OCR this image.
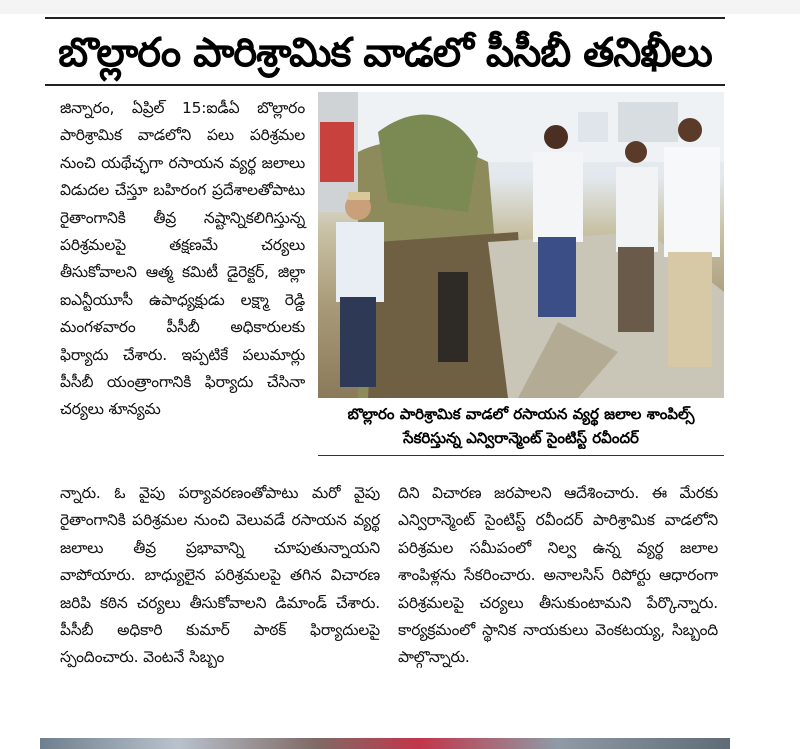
బొల్లారం పారిశ్రామిక వాడలో పీసీబీ తనిఖీలు
జిన్నారం, ఏప్రిల్ 15:ఐడీఏ బొల్లారం పారిశ్రామిక వాడలోని పలు పరిశ్రమల నుంచి యథేచ్ఛగా రసాయన వ్యర్థ జలాలు విడుదల చేస్తూ బహిరంగ ప్రదేశాలతోపాటు రైతాంగానికి తీవ్ర నష్టాన్నికలిగిస్తున్న పరిశ్రమలపై తక్షణమే చర్యలు తీసుకోవాలని ఆత్మ కమిటీ డైరెక్టర్, జిల్లా ఐఎన్టీయూసీ ఉపాధ్యక్షుడు లక్ష్మా రెడ్డి మంగళవారం పీసీబీ అధికారులకు ఫిర్యాదు చేశారు. ఇప్పటికే పలుమార్లు పీసీబీ యంత్రాంగానికి ఫిర్యాదు చేసినా చర్యలు శూన్యమ	బొల్లారం పారిశ్రామిక వాడలో రసాయన వ్యర్థ జలాల శాంపిల్స్ సేకరిస్తున్న ఎన్విరాన్మెంట్ సైంటిస్ట్ రవీందర్
న్నారు. ఓ వైపు పర్యావరణంతోపాటు మరో వైపు రైతాంగానికి పరిశ్రమల నుంచి వెలువడే రసాయన వ్యర్థ జలాలు తీవ్ర ప్రభావాన్ని చూపుతున్నాయని వాపోయారు. బాధ్యులైన పరిశ్రమలపై తగిన విచారణ జరిపి కఠిన చర్యలు తీసుకోవాలని డిమాండ్ చేశారు. పీసీబీ అధికారి కుమార్ పాఠక్ ఫిర్యాదులపై స్పందించారు. వెంటనే సిబ్బం
దిని విచారణ జరపాలని ఆదేశించారు. ఈ మేరకు ఎన్విరాన్మెంట్ సైంటిస్ట్ రవీందర్ పారిశ్రామిక వాడలోని పరిశ్రమల సమీపంలో నిల్వ ఉన్న వ్యర్థ జలాల శాంపిళ్లను సేకరించారు. అనాలసిస్ రిపోర్టు ఆధారంగా పరిశ్రమలపై చర్యలు తీసుకుంటామని పేర్కొన్నారు. కార్యక్రమంలో స్థానిక నాయకులు వెంకటయ్య, సిబ్బంది పాల్గొన్నారు.
